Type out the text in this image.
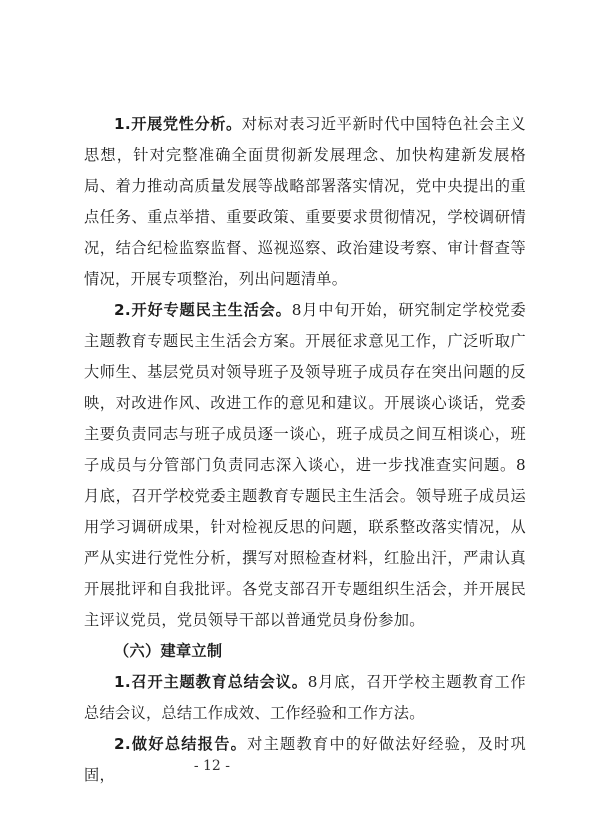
1.开展党性分析。对标对表习近平新时代中国特色社会主义思想，针对完整准确全面贯彻新发展理念、加快构建新发展格局、着力推动高质量发展等战略部署落实情况，党中央提出的重点任务、重点举措、重要政策、重要要求贯彻情况，学校调研情况，结合纪检监察监督、巡视巡察、政治建设考察、审计督查等情况，开展专项整治，列出问题清单。

2.开好专题民主生活会。8月中旬开始，研究制定学校党委主题教育专题民主生活会方案。开展征求意见工作，广泛听取广大师生、基层党员对领导班子及领导班子成员存在突出问题的反映，对改进作风、改进工作的意见和建议。开展谈心谈话，党委主要负责同志与班子成员逐一谈心，班子成员之间互相谈心，班子成员与分管部门负责同志深入谈心，进一步找准查实问题。8月底，召开学校党委主题教育专题民主生活会。领导班子成员运用学习调研成果，针对检视反思的问题，联系整改落实情况，从严从实进行党性分析，撰写对照检查材料，红脸出汗，严肃认真开展批评和自我批评。各党支部召开专题组织生活会，并开展民主评议党员，党员领导干部以普通党员身份参加。

（六）建章立制

1.召开主题教育总结会议。8月底，召开学校主题教育工作总结会议，总结工作成效、工作经验和工作方法。

2.做好总结报告。对主题教育中的好做法好经验，及时巩固，	- 12 -
